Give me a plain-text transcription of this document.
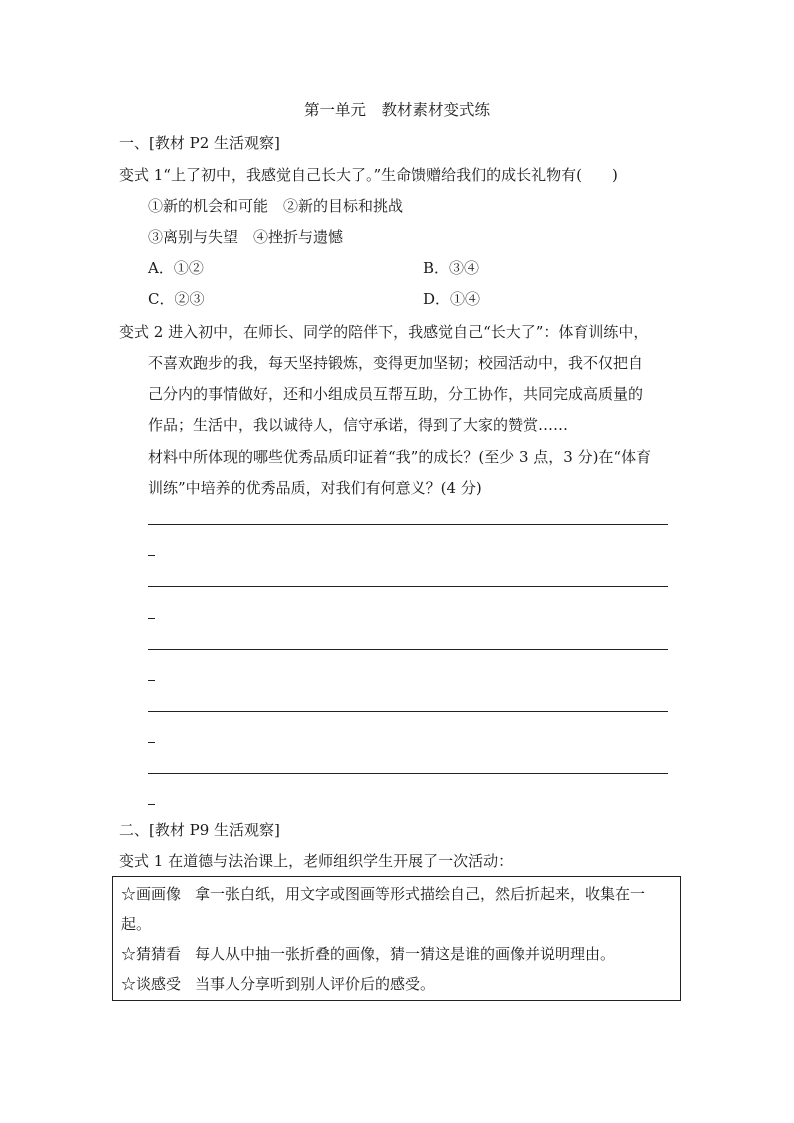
第一单元　教材素材变式练
一、[教材 P2 生活观察]
变式 1“上了初中，我感觉自己长大了。”生命馈赠给我们的成长礼物有(　　)
①新的机会和可能　②新的目标和挑战
③离别与失望　④挫折与遗憾
A．①②	B．③④
C．②③	D．①④
变式 2 进入初中，在师长、同学的陪伴下，我感觉自己“长大了”：体育训练中，
不喜欢跑步的我，每天坚持锻炼，变得更加坚韧；校园活动中，我不仅把自
己分内的事情做好，还和小组成员互帮互助，分工协作，共同完成高质量的
作品；生活中，我以诚待人，信守承诺，得到了大家的赞赏……
材料中所体现的哪些优秀品质印证着“我”的成长？(至少 3 点，3 分)在“体育
训练”中培养的优秀品质，对我们有何意义？(4 分)
二、[教材 P9 生活观察]
变式 1 在道德与法治课上，老师组织学生开展了一次活动：
☆画画像 拿一张白纸，用文字或图画等形式描绘自己，然后折起来，收集在一
起。
☆猜猜看 每人从中抽一张折叠的画像，猜一猜这是谁的画像并说明理由。
☆谈感受 当事人分享听到别人评价后的感受。
